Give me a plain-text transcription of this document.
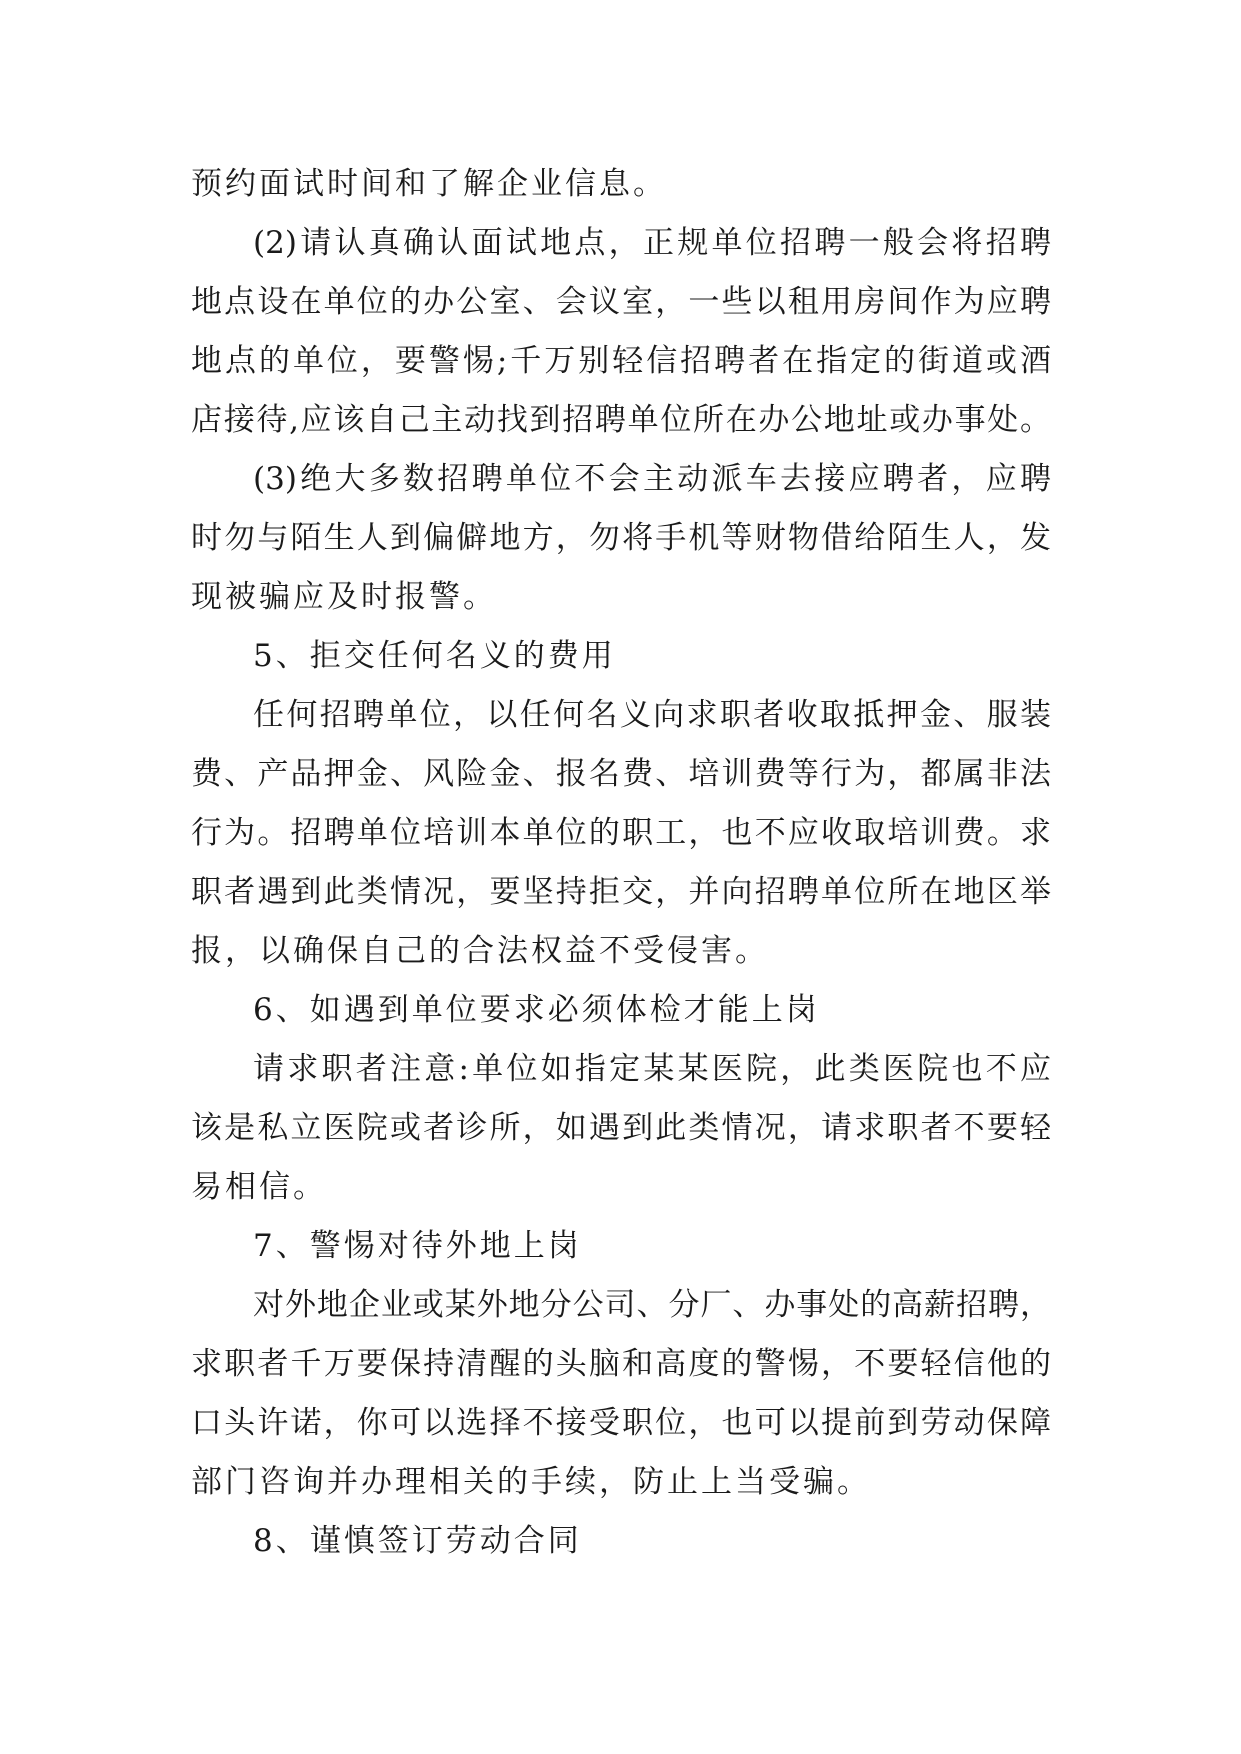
预约面试时间和了解企业信息。
(2)请认真确认面试地点，正规单位招聘一般会将招聘
地点设在单位的办公室、会议室，一些以租用房间作为应聘
地点的单位，要警惕;千万别轻信招聘者在指定的街道或酒
店接待,应该自己主动找到招聘单位所在办公地址或办事处。
(3)绝大多数招聘单位不会主动派车去接应聘者，应聘
时勿与陌生人到偏僻地方，勿将手机等财物借给陌生人，发
现被骗应及时报警。
5、拒交任何名义的费用
任何招聘单位，以任何名义向求职者收取抵押金、服装
费、产品押金、风险金、报名费、培训费等行为，都属非法
行为。招聘单位培训本单位的职工，也不应收取培训费。求
职者遇到此类情况，要坚持拒交，并向招聘单位所在地区举
报，以确保自己的合法权益不受侵害。
6、如遇到单位要求必须体检才能上岗
请求职者注意:单位如指定某某医院，此类医院也不应
该是私立医院或者诊所，如遇到此类情况，请求职者不要轻
易相信。
7、警惕对待外地上岗
对外地企业或某外地分公司、分厂、办事处的高薪招聘，
求职者千万要保持清醒的头脑和高度的警惕，不要轻信他的
口头许诺，你可以选择不接受职位，也可以提前到劳动保障
部门咨询并办理相关的手续，防止上当受骗。
8、谨慎签订劳动合同
